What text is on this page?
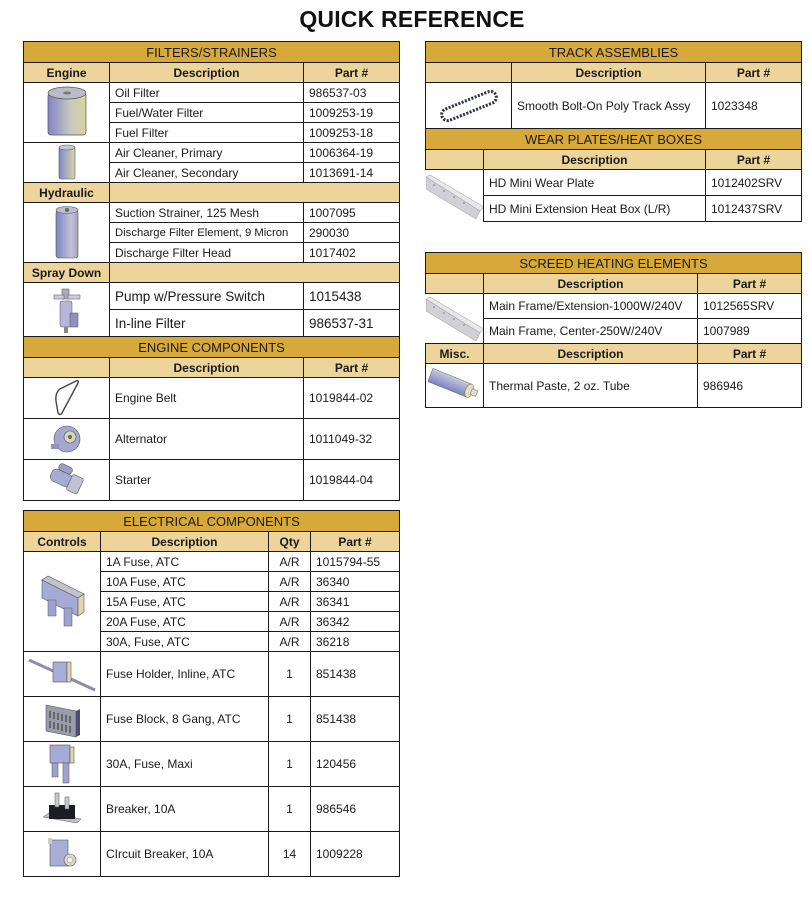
QUICK REFERENCE
FILTERS/STRAINERS		
Engine	Description	Part #

	Oil Filter	986537-03
	Fuel/Water Filter	1009253-19
	Fuel Filter	1009253-18

	Air Cleaner, Primary	1006364-19
	Air Cleaner, Secondary	1013691-14
Hydraulic		

	Suction Strainer, 125 Mesh	1007095
	Discharge Filter Element, 9 Micron	290030
	Discharge Filter Head	1017402
Spray Down		

	Pump w/Pressure Switch	1015438
	In-line Filter	986537-31
ENGINE COMPONENTS		
	Description	Part #

	Engine Belt	1019844-02

	Alternator	1011049-32

	Starter	1019844-04
ELECTRICAL COMPONENTS			
Controls	Description	Qty	Part #

	1A Fuse, ATC	A/R	1015794-55
	10A Fuse, ATC	A/R	36340
	15A Fuse, ATC	A/R	36341
	20A Fuse, ATC	A/R	36342
	30A, Fuse, ATC	A/R	36218

	Fuse Holder, Inline, ATC	1	851438

	Fuse Block, 8 Gang, ATC	1	851438

	30A, Fuse, Maxi	1	120456

	Breaker, 10A	1	986546

	CIrcuit Breaker, 10A	14	1009228
TRACK ASSEMBLIES			
		Description	Part #

	Smooth Bolt-On Poly Track Assy	1023348
WEAR PLATES/HEAT BOXES			
	Description		Part #

	HD Mini Wear Plate		1012402SRV
	HD Mini Extension Heat Box (L/R)		1012437SRV
SCREED HEATING ELEMENTS		
	Description	Part #

	Main Frame/Extension-1000W/240V	1012565SRV
	Main Frame, Center-250W/240V	1007989
Misc.	Description	Part #

	Thermal Paste, 2 oz. Tube	986946
